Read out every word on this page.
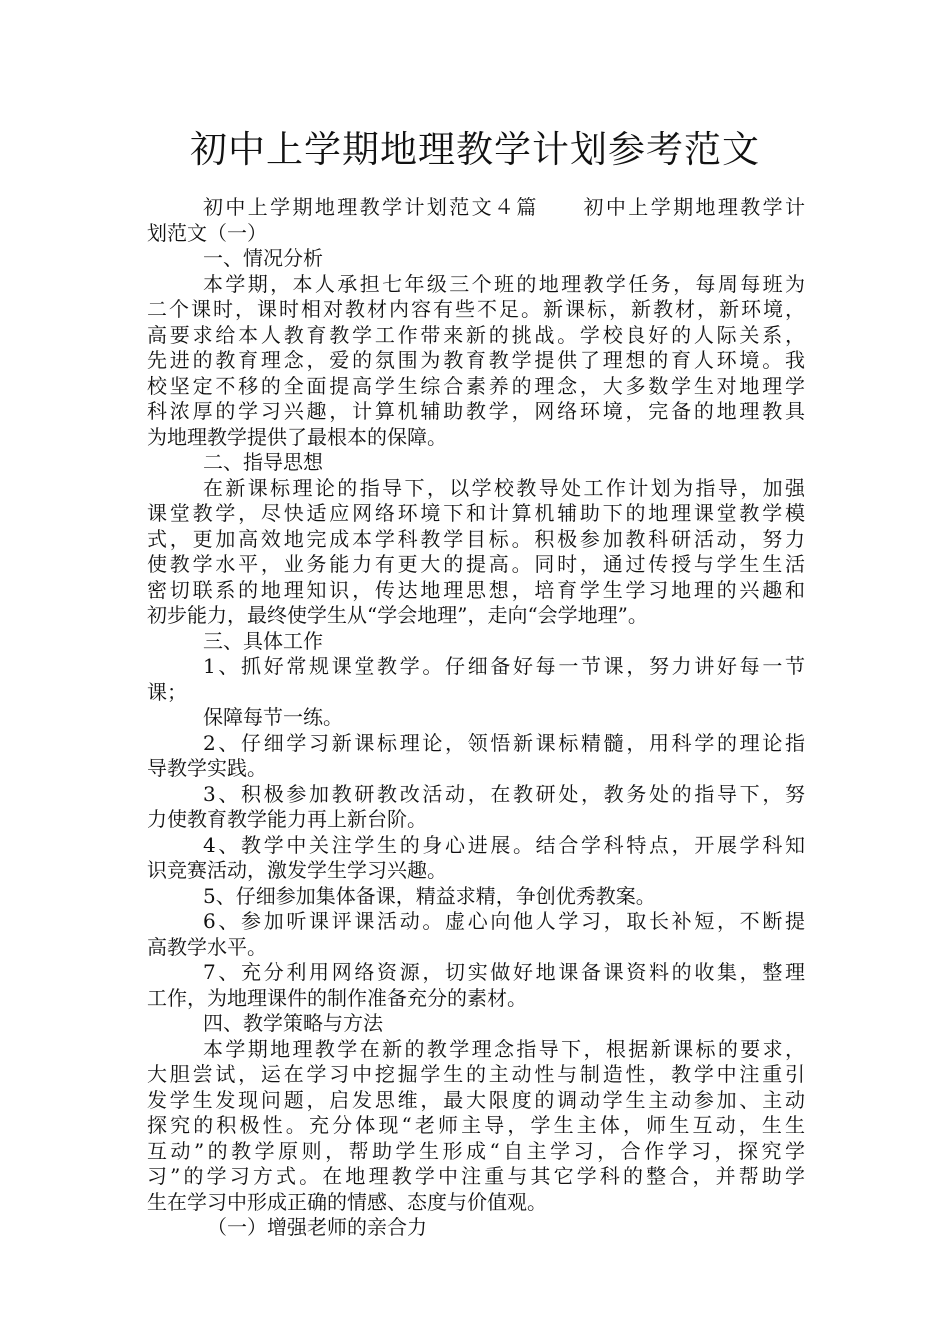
初中上学期地理教学计划参考范文
初中上学期地理教学计划范文４篇　　初中上学期地理教学计
划范文（一）
一、情况分析
本学期，本人承担七年级三个班的地理教学任务，每周每班为
二个课时，课时相对教材内容有些不足。新课标，新教材，新环境，
高要求给本人教育教学工作带来新的挑战。学校良好的人际关系，
先进的教育理念，爱的氛围为教育教学提供了理想的育人环境。我
校坚定不移的全面提高学生综合素养的理念，大多数学生对地理学
科浓厚的学习兴趣，计算机辅助教学，网络环境，完备的地理教具
为地理教学提供了最根本的保障。
二、指导思想
在新课标理论的指导下，以学校教导处工作计划为指导，加强
课堂教学，尽快适应网络环境下和计算机辅助下的地理课堂教学模
式，更加高效地完成本学科教学目标。积极参加教科研活动，努力
使教学水平，业务能力有更大的提高。同时，通过传授与学生生活
密切联系的地理知识，传达地理思想，培育学生学习地理的兴趣和
初步能力，最终使学生从“学会地理”，走向“会学地理”。
三、具体工作
1、抓好常规课堂教学。仔细备好每一节课，努力讲好每一节
课；
保障每节一练。
2、仔细学习新课标理论，领悟新课标精髓，用科学的理论指
导教学实践。
3、积极参加教研教改活动，在教研处，教务处的指导下，努
力使教育教学能力再上新台阶。
4、教学中关注学生的身心进展。结合学科特点，开展学科知
识竞赛活动，激发学生学习兴趣。
5、仔细参加集体备课，精益求精，争创优秀教案。
6、参加听课评课活动。虚心向他人学习，取长补短，不断提
高教学水平。
7、充分利用网络资源，切实做好地课备课资料的收集，整理
工作，为地理课件的制作准备充分的素材。
四、教学策略与方法
本学期地理教学在新的教学理念指导下，根据新课标的要求，
大胆尝试，运在学习中挖掘学生的主动性与制造性，教学中注重引
发学生发现问题，启发思维，最大限度的调动学生主动参加、主动
探究的积极性。充分体现“老师主导，学生主体，师生互动，生生
互动”的教学原则，帮助学生形成“自主学习，合作学习，探究学
习”的学习方式。在地理教学中注重与其它学科的整合，并帮助学
生在学习中形成正确的情感、态度与价值观。
（一）增强老师的亲合力
